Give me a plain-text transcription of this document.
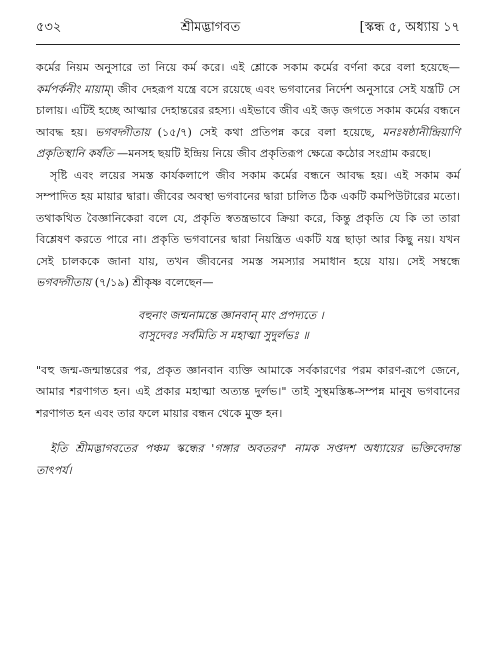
৫৩২	শ্রীমদ্ভাগবত	[স্কন্ধ ৫, অধ্যায় ১৭

কর্মের নিয়ম অনুসারে তা নিয়ে কর্ম করে। এই শ্লোকে সকাম কর্মের বর্ণনা করে বলা হয়েছে—কর্মপর্কনীং মায়াম্। জীব দেহরূপ যন্ত্রে বসে রয়েছে এবং ভগবানের নির্দেশ অনুসারে সেই যন্ত্রটি সে চালায়। এটিই হচ্ছে আত্মার দেহান্তরের রহস্য। এইভাবে জীব এই জড় জগতে সকাম কর্মের বন্ধনে আবদ্ধ হয়। ভগবদ্গীতায় (১৫/৭) সেই কথা প্রতিপন্ন করে বলা হয়েছে, মনঃষষ্ঠানীন্দ্রিয়াণি প্রকৃতিস্থানি কর্ষতি —মনসহ ছয়টি ইন্দ্রিয় নিয়ে জীব প্রকৃতিরূপ ক্ষেত্রে কঠোর সংগ্রাম করছে।

সৃষ্টি এবং লয়ের সমস্ত কার্যকলাপে জীব সকাম কর্মের বন্ধনে আবদ্ধ হয়। এই সকাম কর্ম সম্পাদিত হয় মায়ার দ্বারা। জীবের অবস্থা ভগবানের দ্বারা চালিত ঠিক একটি কমপিউটারের মতো। তথাকথিত বৈজ্ঞানিকেরা বলে যে, প্রকৃতি স্বতন্ত্রভাবে ক্রিয়া করে, কিন্তু প্রকৃতি যে কি তা তারা বিশ্লেষণ করতে পারে না। প্রকৃতি ভগবানের দ্বারা নিয়ন্ত্রিত একটি যন্ত্র ছাড়া আর কিছু নয়। যখন সেই চালককে জানা যায়, তখন জীবনের সমস্ত সমস্যার সমাধান হয়ে যায়। সেই সম্বন্ধে ভগবদ্গীতায় (৭/১৯) শ্রীকৃষ্ণ বলেছেন—

বহুনাং জন্মনামন্তে জ্ঞানবান্ মাং প্রপদ্যতে ।
বাসুদেবঃ সর্বমিতি স মহাত্মা সুদুর্লভঃ ॥

"বহু জন্ম-জন্মান্তরের পর, প্রকৃত জ্ঞানবান ব্যক্তি আমাকে সর্বকারণের পরম কারণ-রূপে জেনে, আমার শরণাগত হন। এই প্রকার মহাত্মা অত্যন্ত দুর্লভ।" তাই সুস্থমস্তিষ্ক-সম্পন্ন মানুষ ভগবানের শরণাগত হন এবং তার ফলে মায়ার বন্ধন থেকে মুক্ত হন।

ইতি শ্রীমদ্ভাগবতের পঞ্চম স্কন্ধের 'গঙ্গার অবতরণ' নামক সপ্তদশ অধ্যায়ের ভক্তিবেদান্ত তাৎপর্য।
